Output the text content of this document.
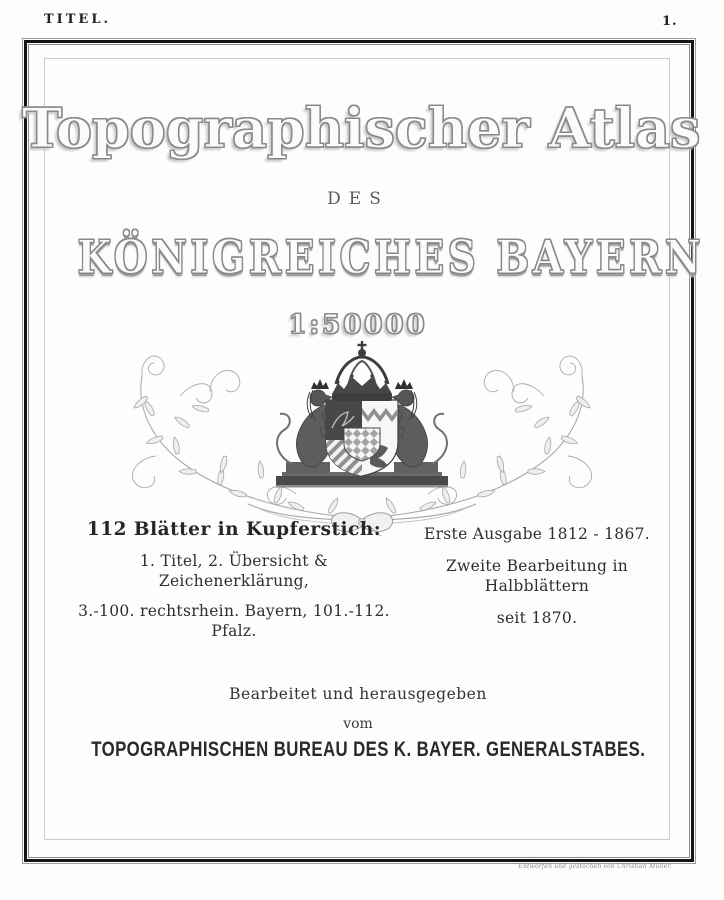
TITEL.	1.
Topographischer Atlas
DES
KÖNIGREICHES BAYERN
1:50000
112 Blätter in Kupferstich:
1. Titel, 2. Übersicht & Zeichenerklärung,
3.-100. rechtsrhein. Bayern, 101.-112. Pfalz.
Erste Ausgabe 1812 - 1867.
Zweite Bearbeitung in Halbblättern
seit 1870.
Bearbeitet und herausgegeben
vom
TOPOGRAPHISCHEN BUREAU DES K. BAYER. GENERALSTABES.
Entworfen und gestochen von Christian Müller.
